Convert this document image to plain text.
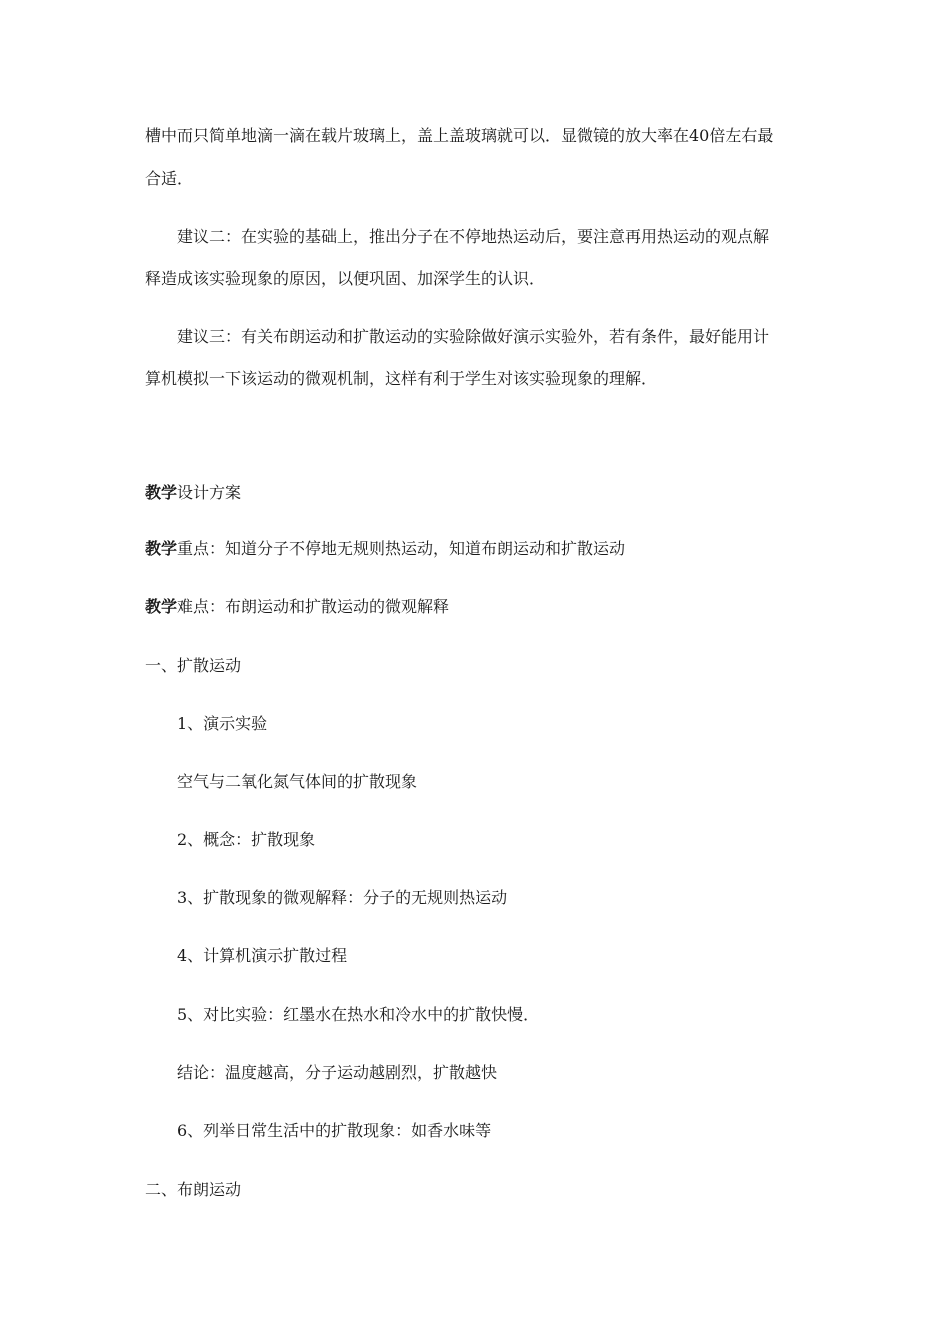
槽中而只简单地滴一滴在载片玻璃上，盖上盖玻璃就可以．显微镜的放大率在40倍左右最
合适．
建议二：在实验的基础上，推出分子在不停地热运动后，要注意再用热运动的观点解
释造成该实验现象的原因，以便巩固、加深学生的认识．
建议三：有关布朗运动和扩散运动的实验除做好演示实验外，若有条件，最好能用计
算机模拟一下该运动的微观机制，这样有利于学生对该实验现象的理解．
教学设计方案
教学重点：知道分子不停地无规则热运动，知道布朗运动和扩散运动
教学难点：布朗运动和扩散运动的微观解释
一、扩散运动
1、演示实验
空气与二氧化氮气体间的扩散现象
2、概念：扩散现象
3、扩散现象的微观解释：分子的无规则热运动
4、计算机演示扩散过程
5、对比实验：红墨水在热水和冷水中的扩散快慢．
结论：温度越高，分子运动越剧烈，扩散越快
6、列举日常生活中的扩散现象：如香水味等
二、布朗运动
